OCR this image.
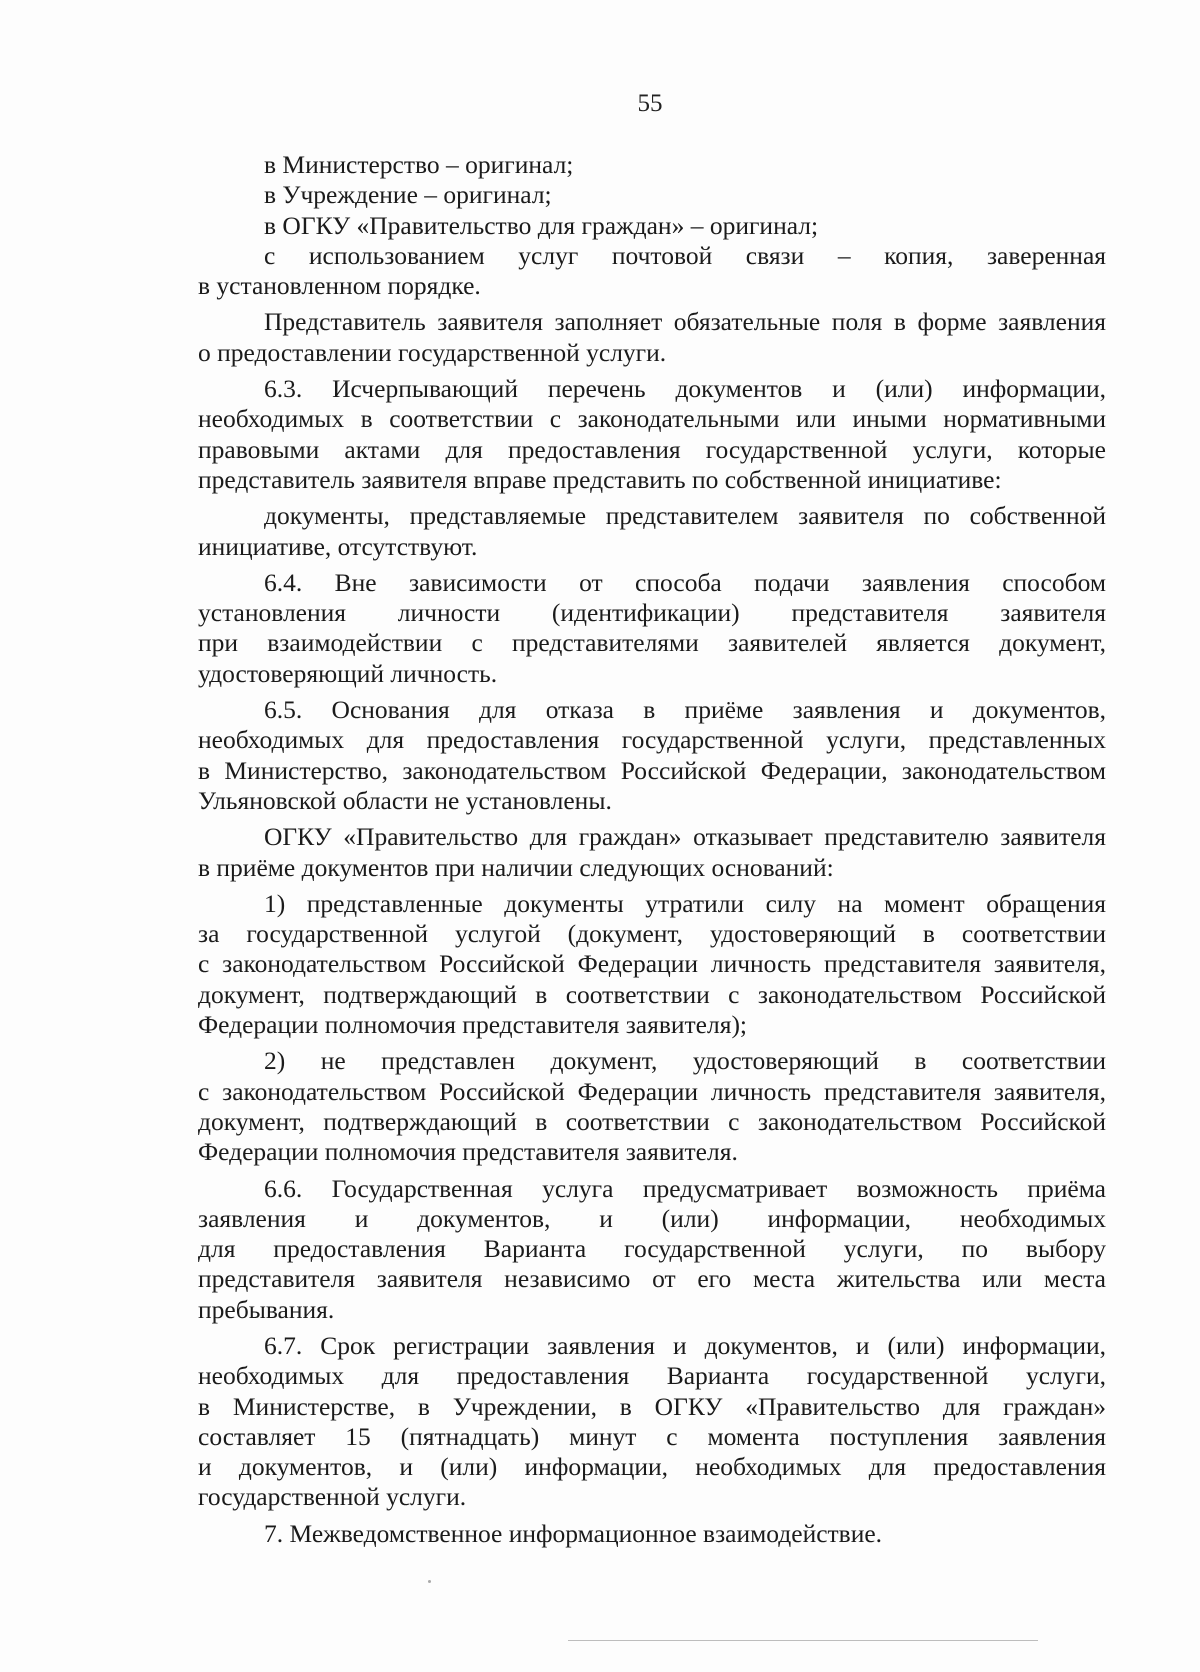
55
в Министерство – оригинал;
в Учреждение – оригинал;
в ОГКУ «Правительство для граждан» – оригинал;
с использованием услуг почтовой связи – копия, заверенная
в установленном порядке.
Представитель заявителя заполняет обязательные поля в форме заявления
о предоставлении государственной услуги.
6.3. Исчерпывающий перечень документов и (или) информации,
необходимых в соответствии с законодательными или иными нормативными
правовыми актами для предоставления государственной услуги, которые
представитель заявителя вправе представить по собственной инициативе:
документы, представляемые представителем заявителя по собственной
инициативе, отсутствуют.
6.4. Вне зависимости от способа подачи заявления способом
установления личности (идентификации) представителя заявителя
при взаимодействии с представителями заявителей является документ,
удостоверяющий личность.
6.5. Основания для отказа в приёме заявления и документов,
необходимых для предоставления государственной услуги, представленных
в Министерство, законодательством Российской Федерации, законодательством
Ульяновской области не установлены.
ОГКУ «Правительство для граждан» отказывает представителю заявителя
в приёме документов при наличии следующих оснований:
1) представленные документы утратили силу на момент обращения
за государственной услугой (документ, удостоверяющий в соответствии
с законодательством Российской Федерации личность представителя заявителя,
документ, подтверждающий в соответствии с законодательством Российской
Федерации полномочия представителя заявителя);
2) не представлен документ, удостоверяющий в соответствии
с законодательством Российской Федерации личность представителя заявителя,
документ, подтверждающий в соответствии с законодательством Российской
Федерации полномочия представителя заявителя.
6.6. Государственная услуга предусматривает возможность приёма
заявления и документов, и (или) информации, необходимых
для предоставления Варианта государственной услуги, по выбору
представителя заявителя независимо от его места жительства или места
пребывания.
6.7. Срок регистрации заявления и документов, и (или) информации,
необходимых для предоставления Варианта государственной услуги,
в Министерстве, в Учреждении, в ОГКУ «Правительство для граждан»
составляет 15 (пятнадцать) минут с момента поступления заявления
и документов, и (или) информации, необходимых для предоставления
государственной услуги.
7. Межведомственное информационное взаимодействие.
